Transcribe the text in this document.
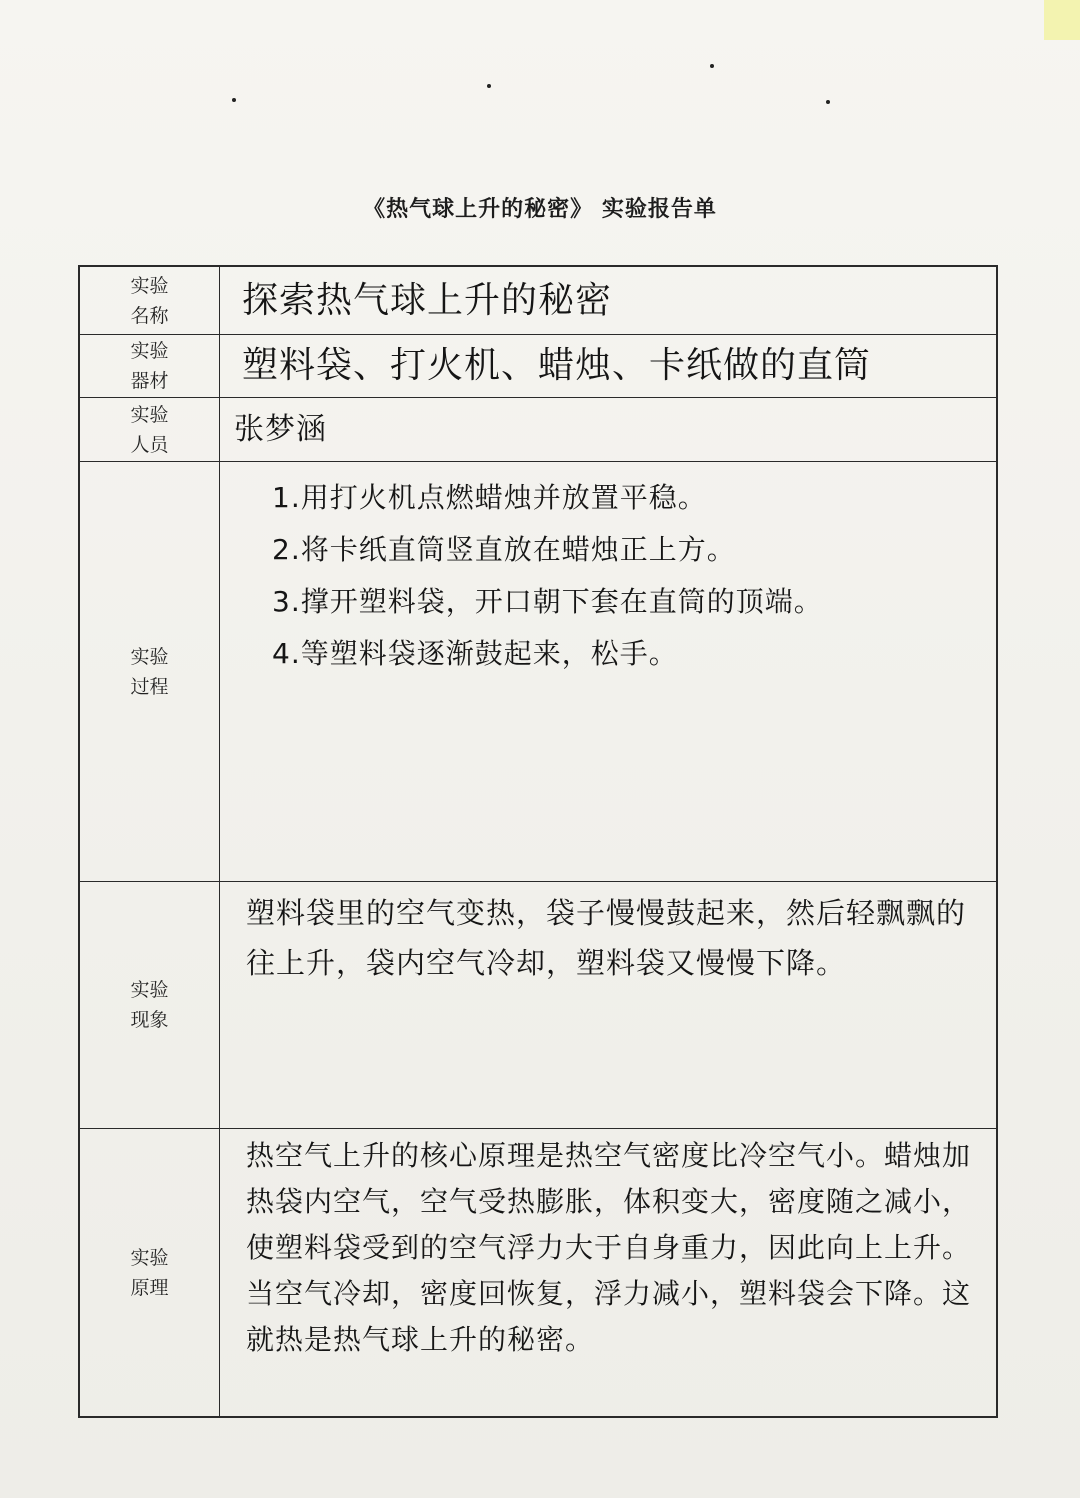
《热气球上升的秘密》 实验报告单
实验名称 探索热气球上升的秘密
实验器材 塑料袋、打火机、蜡烛、卡纸做的直筒
实验人员 张梦涵
实验过程
1.用打火机点燃蜡烛并放置平稳。
2.将卡纸直筒竖直放在蜡烛正上方。
3.撑开塑料袋，开口朝下套在直筒的顶端。
4.等塑料袋逐渐鼓起来，松手。
实验现象
塑料袋里的空气变热，袋子慢慢鼓起来，然后轻飘飘的往上升，袋内空气冷却，塑料袋又慢慢下降。
实验原理
热空气上升的核心原理是热空气密度比冷空气小。蜡烛加热袋内空气，空气受热膨胀，体积变大，密度随之减小，使塑料袋受到的空气浮力大于自身重力，因此向上上升。当空气冷却，密度回恢复，浮力减小，塑料袋会下降。这就热是热气球上升的秘密。
